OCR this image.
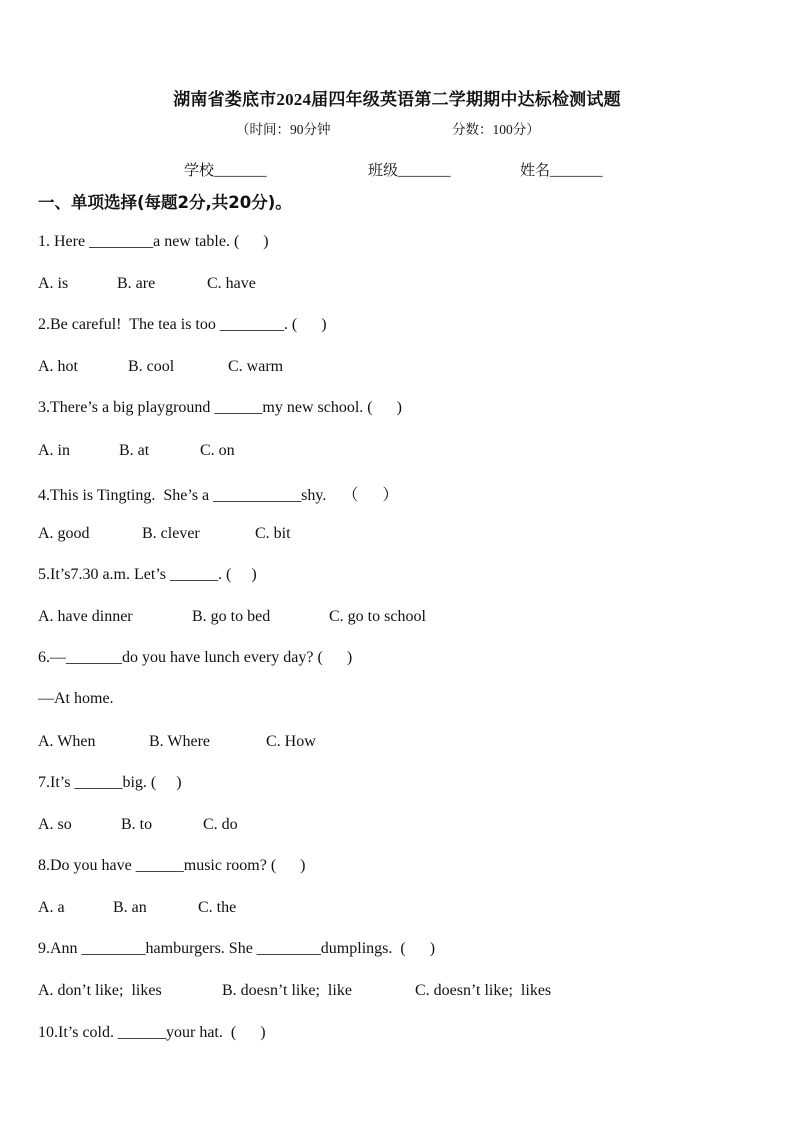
湖南省娄底市2024届四年级英语第二学期期中达标检测试题
（时间：90分钟	分数：100分）
学校_______	班级_______	姓名_______
一、单项选择(每题2分,共20分)。
1. Here ________a new table. (      )
A. is	B. are	C. have
2.Be careful!  The tea is too ________. (      )
A. hot	B. cool	C. warm
3.There’s a big playground ______my new school. (      )
A. in	B. at	C. on
4.This is Tingting.  She’s a ___________shy.    （      ）
A. good	B. clever	C. bit
5.It’s7.30 a.m. Let’s ______. (     )
A. have dinner	B. go to bed	C. go to school
6.—_______do you have lunch every day? (      )
—At home.
A. When	B. Where	C. How
7.It’s ______big. (     )
A. so	B. to	C. do
8.Do you have ______music room? (      )
A. a	B. an	C. the
9.Ann ________hamburgers. She ________dumplings.  (      )
A. don’t like;  likes	B. doesn’t like;  like	C. doesn’t like;  likes
10.It’s cold. ______your hat.  (      )
